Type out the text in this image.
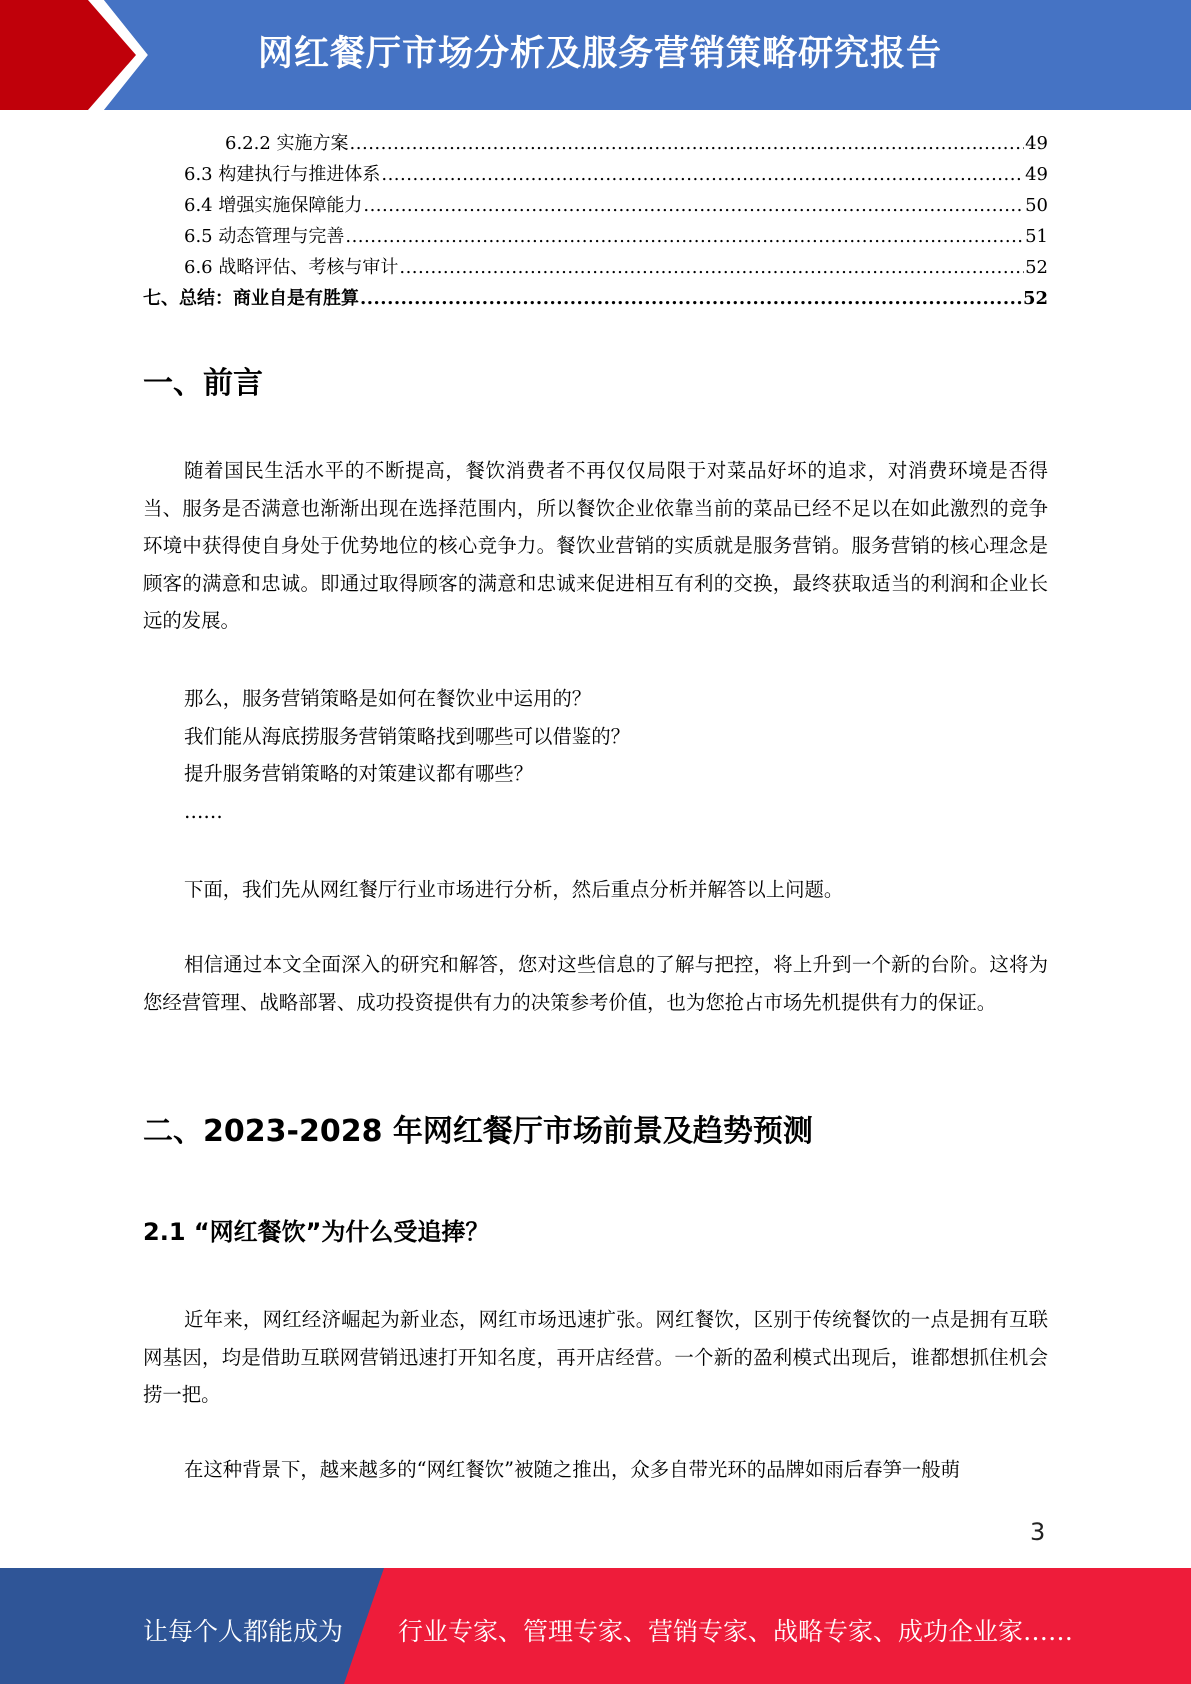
网红餐厅市场分析及服务营销策略研究报告
6.2.2 实施方案 .....	49
6.3 构建执行与推进体系 .....	49
6.4 增强实施保障能力 .....	50
6.5 动态管理与完善 .....	51
6.6 战略评估、考核与审计 .....	52
七、总结：商业自是有胜算 .....	52
一、前言
随着国民生活水平的不断提高，餐饮消费者不再仅仅局限于对菜品好坏的追求，对消费环境是否得当、服务是否满意也渐渐出现在选择范围内，所以餐饮企业依靠当前的菜品已经不足以在如此激烈的竞争环境中获得使自身处于优势地位的核心竞争力。餐饮业营销的实质就是服务营销。服务营销的核心理念是顾客的满意和忠诚。即通过取得顾客的满意和忠诚来促进相互有利的交换，最终获取适当的利润和企业长远的发展。
那么，服务营销策略是如何在餐饮业中运用的？
我们能从海底捞服务营销策略找到哪些可以借鉴的？
提升服务营销策略的对策建议都有哪些？
……
下面，我们先从网红餐厅行业市场进行分析，然后重点分析并解答以上问题。
相信通过本文全面深入的研究和解答，您对这些信息的了解与把控，将上升到一个新的台阶。这将为您经营管理、战略部署、成功投资提供有力的决策参考价值，也为您抢占市场先机提供有力的保证。
二、2023-2028 年网红餐厅市场前景及趋势预测
2.1 “网红餐饮”为什么受追捧？
近年来，网红经济崛起为新业态，网红市场迅速扩张。网红餐饮，区别于传统餐饮的一点是拥有互联网基因，均是借助互联网营销迅速打开知名度，再开店经营。一个新的盈利模式出现后，谁都想抓住机会捞一把。
在这种背景下，越来越多的“网红餐饮”被随之推出，众多自带光环的品牌如雨后春笋一般萌
3
让每个人都能成为 行业专家、管理专家、营销专家、战略专家、成功企业家……
